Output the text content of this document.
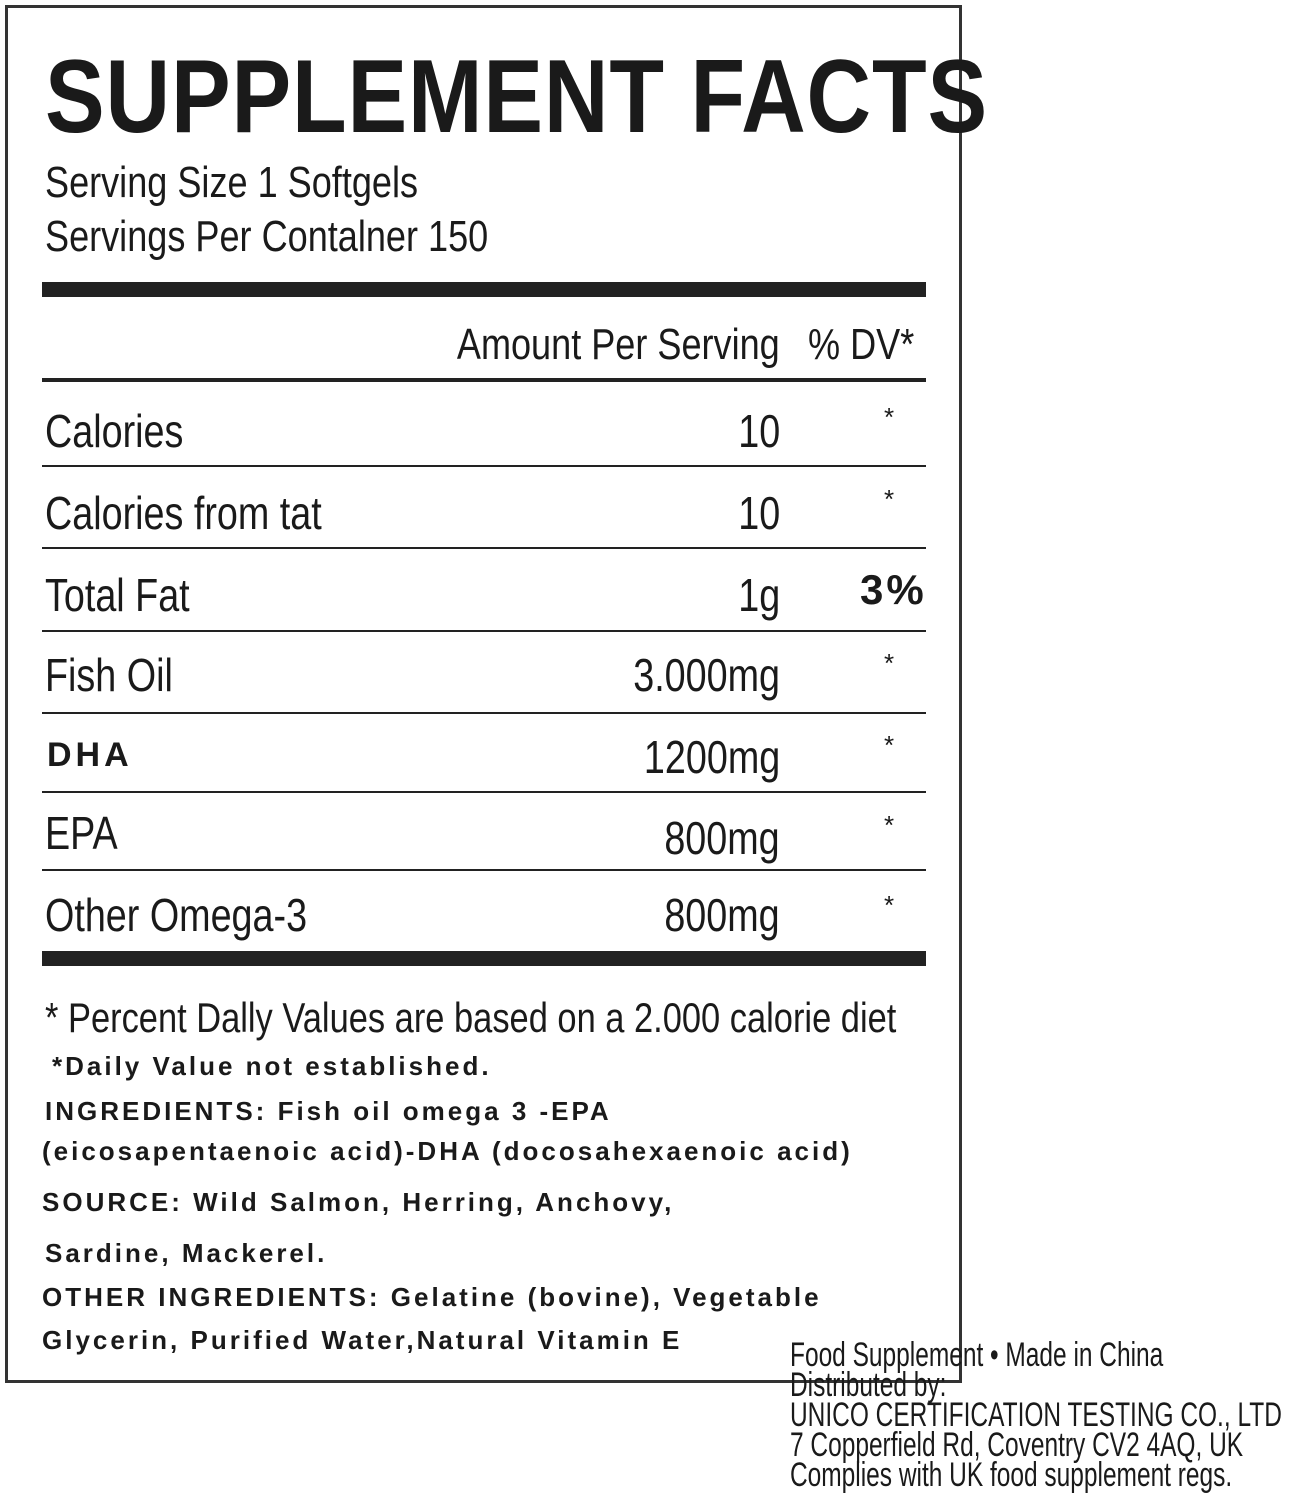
SUPPLEMENT FACTS
Serving Size 1 Softgels
Servings Per Contalner 150
Amount Per Serving % DV*
Calories	10	*
Calories from tat	10	*
Total Fat	1g 3%
Fish Oil	3.000mg	*
DHA	1200mg	*
EPA	800mg	*
Other Omega-3	800mg	*
* Percent Dally Values are based on a 2.000 calorie diet
*Daily Value not established.
INGREDIENTS: Fish oil omega 3 -EPA
(eicosapentaenoic acid)-DHA (docosahexaenoic acid)
SOURCE: Wild Salmon, Herring, Anchovy,
Sardine, Mackerel.
OTHER INGREDIENTS: Gelatine (bovine), Vegetable
Glycerin, Purified Water,Natural Vitamin E	Food Supplement • Made in China
Distributed by:
UNICO CERTIFICATION TESTING CO., LTD
7 Copperfield Rd, Coventry CV2 4AQ, UK
Complies with UK food supplement regs.
